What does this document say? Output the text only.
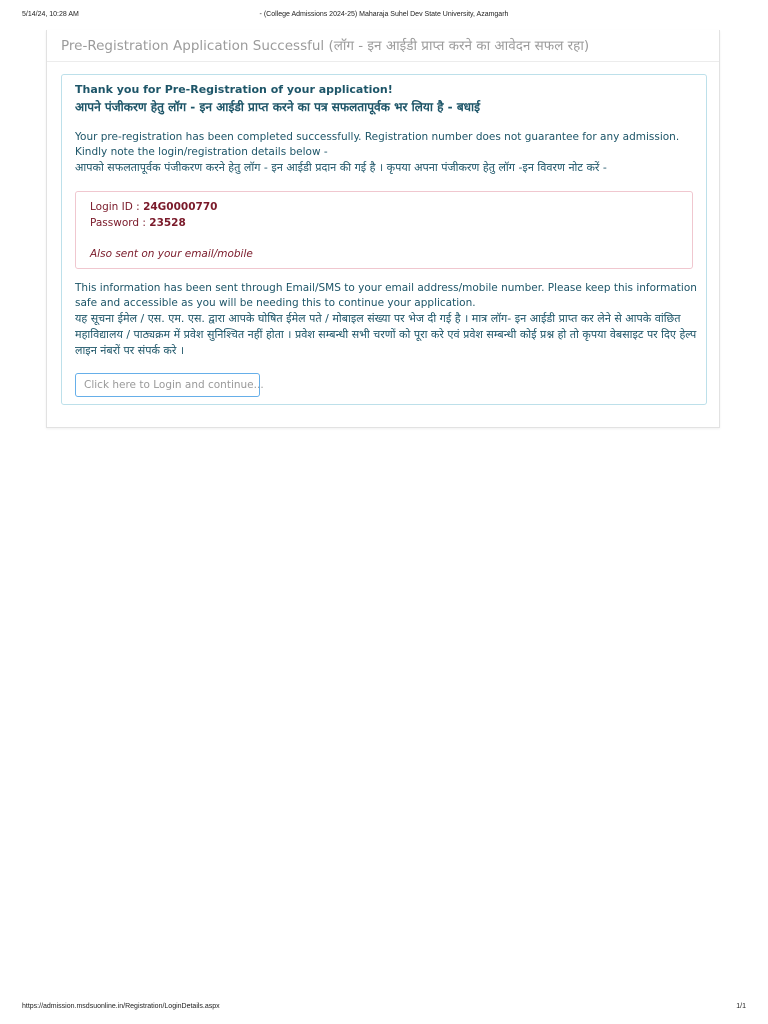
5/14/24, 10:28 AM	- (College Admissions 2024-25) Maharaja Suhel Dev State University, Azamgarh
Pre-Registration Application Successful (लॉग - इन आईडी प्राप्त करने का आवेदन सफल रहा)
Thank you for Pre-Registration of your application!
आपने पंजीकरण हेतु लॉग - इन आईडी प्राप्त करने का पत्र सफलतापूर्वक भर लिया है - बधाई
Your pre-registration has been completed successfully. Registration number does not guarantee for any admission. Kindly note the login/registration details below -
आपको सफलतापूर्वक पंजीकरण करने हेतु लॉग - इन आईडी प्रदान की गई है । कृपया अपना पंजीकरण हेतु लॉग -इन विवरण नोट करें -
Login ID : 24G0000770
Password : 23528
Also sent on your email/mobile
This information has been sent through Email/SMS to your email address/mobile number. Please keep this information safe and accessible as you will be needing this to continue your application.
यह सूचना ईमेल / एस. एम. एस. द्वारा आपके घोषित ईमेल पते / मोबाइल संख्या पर भेज दी गई है । मात्र लॉग- इन आईडी प्राप्त कर लेने से आपके वांछित महाविद्यालय / पाठ्यक्रम में प्रवेश सुनिश्चित नहीं होता । प्रवेश सम्बन्धी सभी चरणों को पूरा करे एवं प्रवेश सम्बन्धी कोई प्रश्न हो तो कृपया वेबसाइट पर दिए हेल्प लाइन नंबरों पर संपर्क करे ।
Click here to Login and continue...
https://admission.msdsuonline.in/Registration/LoginDetails.aspx	1/1
